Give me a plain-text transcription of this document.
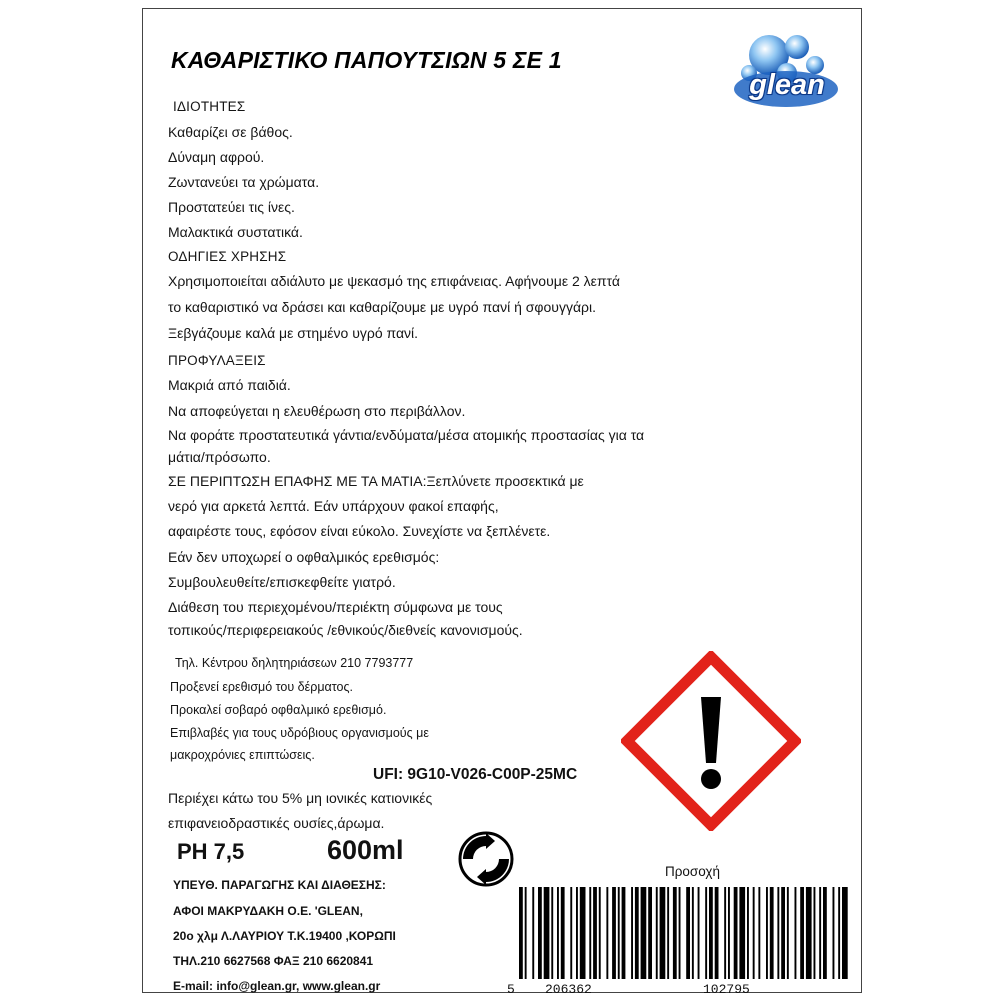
ΚΑΘΑΡΙΣΤΙΚΟ ΠΑΠΟΥΤΣΙΩΝ 5 ΣΕ 1
glean
ΙΔΙΟΤΗΤΕΣ
Καθαρίζει σε βάθος.
Δύναμη αφρού.
Ζωντανεύει τα χρώματα.
Προστατεύει τις ίνες.
Μαλακτικά συστατικά.
ΟΔΗΓΙΕΣ ΧΡΗΣΗΣ
Χρησιμοποιείται αδιάλυτο με ψεκασμό της επιφάνειας. Αφήνουμε 2 λεπτά
το καθαριστικό να δράσει και καθαρίζουμε με υγρό πανί ή σφουγγάρι.
Ξεβγάζουμε καλά με στημένο υγρό πανί.
ΠΡΟΦΥΛΑΞΕΙΣ
Μακριά από παιδιά.
Να αποφεύγεται η ελευθέρωση στο περιβάλλον.
Να φοράτε προστατευτικά γάντια/ενδύματα/μέσα ατομικής προστασίας για τα
μάτια/πρόσωπο.
ΣΕ ΠΕΡΙΠΤΩΣΗ ΕΠΑΦΗΣ ΜΕ ΤΑ ΜΑΤΙΑ:Ξεπλύνετε προσεκτικά με
νερό για αρκετά λεπτά. Εάν υπάρχουν φακοί επαφής,
αφαιρέστε τους, εφόσον είναι εύκολο. Συνεχίστε να ξεπλένετε.
Εάν δεν υποχωρεί ο οφθαλμικός ερεθισμός:
Συμβουλευθείτε/επισκεφθείτε γιατρό.
Διάθεση του περιεχομένου/περιέκτη σύμφωνα με τους
τοπικούς/περιφερειακούς /εθνικούς/διεθνείς κανονισμούς.
Τηλ. Κέντρου δηλητηριάσεων 210 7793777
Προξενεί ερεθισμό του δέρματος.
Προκαλεί σοβαρό οφθαλμικό ερεθισμό.
Επιβλαβές για τους υδρόβιους οργανισμούς με
μακροχρόνιες επιπτώσεις.
UFI: 9G10-V026-C00P-25MC
Περιέχει κάτω του 5% μη ιονικές κατιονικές
επιφανειοδραστικές ουσίες,άρωμα.
PH 7,5	600ml
Προσοχή
5 206362	102795
ΥΠΕΥΘ. ΠΑΡΑΓΩΓΗΣ ΚΑΙ ΔΙΑΘΕΣΗΣ:
ΑΦΟΙ ΜΑΚΡΥΔΑΚΗ Ο.Ε. 'GLEAN,
20ο χλμ Λ.ΛΑΥΡΙΟΥ Τ.Κ.19400 ,ΚΟΡΩΠΙ
ΤΗΛ.210 6627568 ΦΑΞ 210 6620841
E-mail: info@glean.gr, www.glean.gr
